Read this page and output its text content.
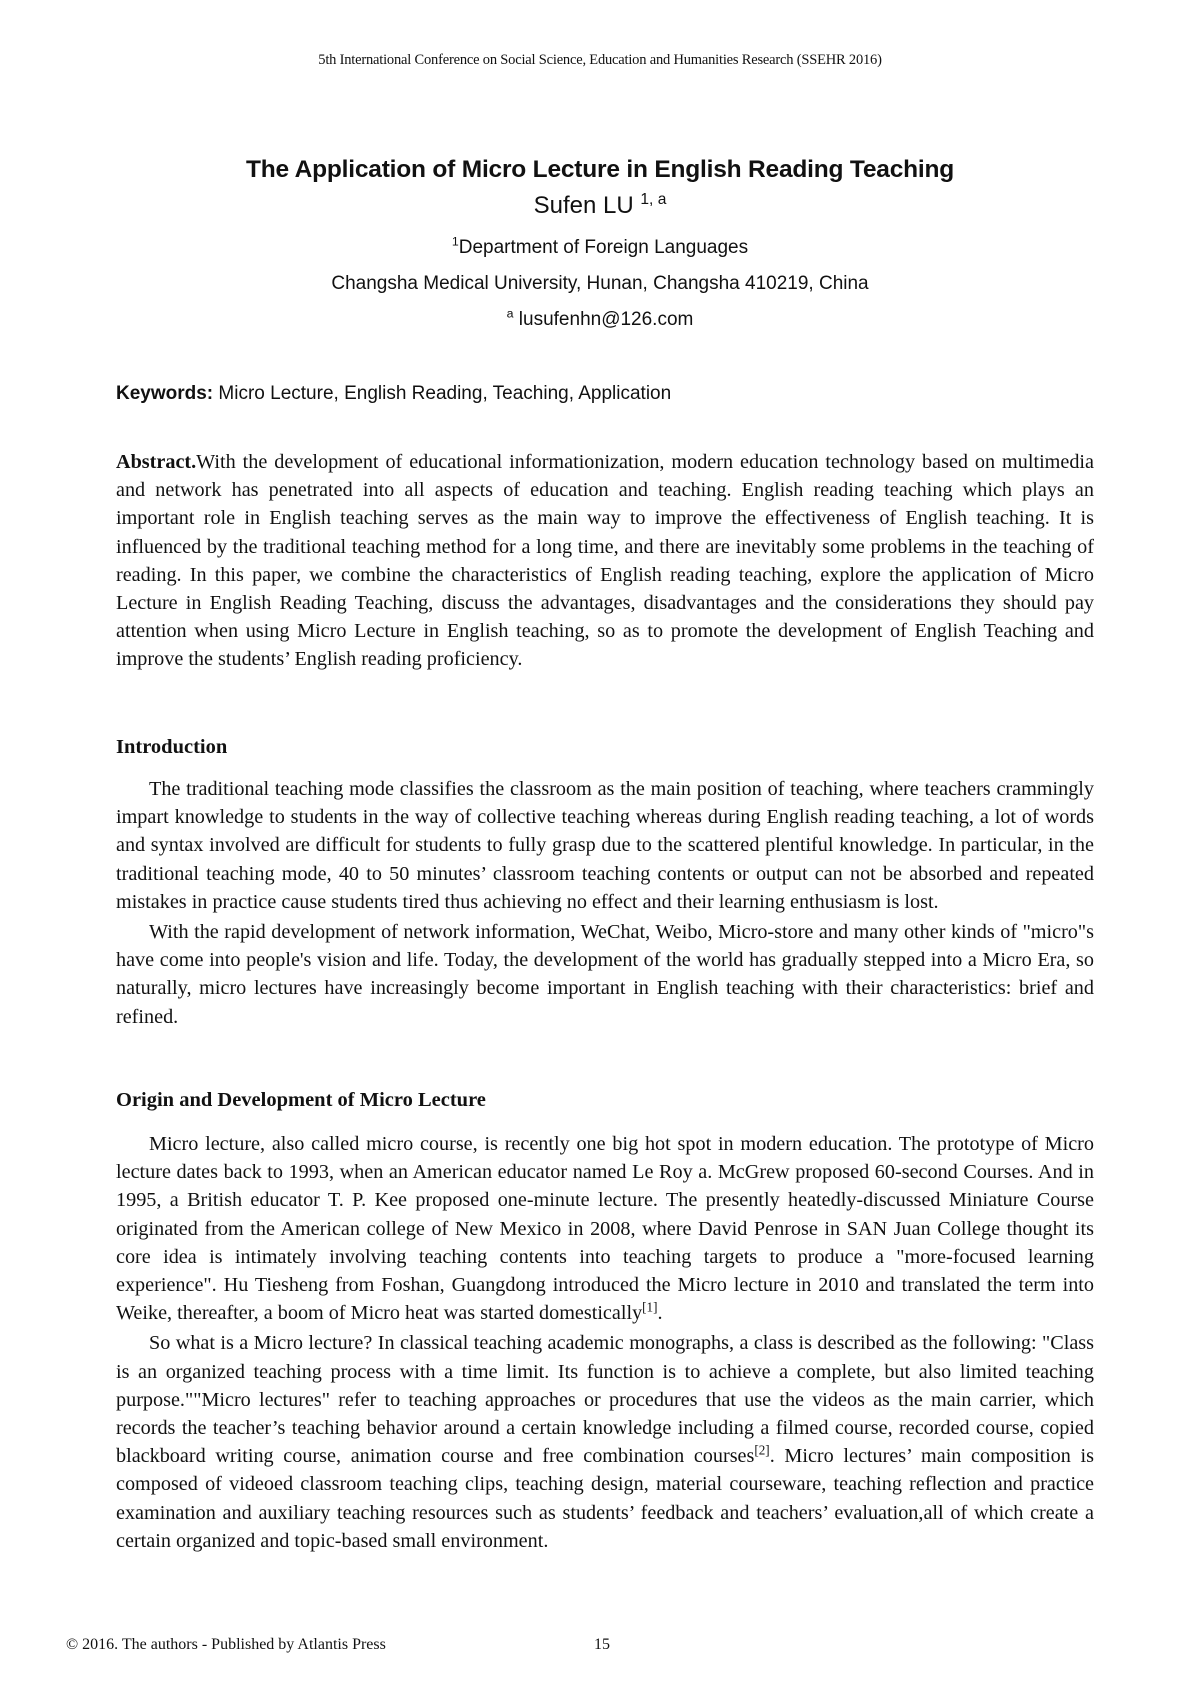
5th International Conference on Social Science, Education and Humanities Research (SSEHR 2016)
The Application of Micro Lecture in English Reading Teaching
Sufen LU $^{1, a}$
$^1$Department of Foreign Languages
Changsha Medical University, Hunan, Changsha 410219, China
$^a$ lusufenhn@126.com
Keywords: Micro Lecture, English Reading, Teaching, Application
Abstract.With the development of educational informationization, modern education technology based on multimedia and network has penetrated into all aspects of education and teaching. English reading teaching which plays an important role in English teaching serves as the main way to improve the effectiveness of English teaching. It is influenced by the traditional teaching method for a long time, and there are inevitably some problems in the teaching of reading. In this paper, we combine the characteristics of English reading teaching, explore the application of Micro Lecture in English Reading Teaching, discuss the advantages, disadvantages and the considerations they should pay attention when using Micro Lecture in English teaching, so as to promote the development of English Teaching and improve the students’ English reading proficiency.
Introduction

The traditional teaching mode classifies the classroom as the main position of teaching, where teachers crammingly impart knowledge to students in the way of collective teaching whereas during English reading teaching, a lot of words and syntax involved are difficult for students to fully grasp due to the scattered plentiful knowledge. In particular, in the traditional teaching mode, 40 to 50 minutes’ classroom teaching contents or output can not be absorbed and repeated mistakes in practice cause students tired thus achieving no effect and their learning enthusiasm is lost.

With the rapid development of network information, WeChat, Weibo, Micro-store and many other kinds of "micro"s have come into people's vision and life. Today, the development of the world has gradually stepped into a Micro Era, so naturally, micro lectures have increasingly become important in English teaching with their characteristics: brief and refined.

Origin and Development of Micro Lecture

Micro lecture, also called micro course, is recently one big hot spot in modern education. The prototype of Micro lecture dates back to 1993, when an American educator named Le Roy a. McGrew proposed 60-second Courses. And in 1995, a British educator T. P. Kee proposed one-minute lecture. The presently heatedly-discussed Miniature Course originated from the American college of New Mexico in 2008, where David Penrose in SAN Juan College thought its core idea is intimately involving teaching contents into teaching targets to produce a "more-focused learning experience". Hu Tiesheng from Foshan, Guangdong introduced the Micro lecture in 2010 and translated the term into Weike, thereafter, a boom of Micro heat was started domestically[1].

So what is a Micro lecture? In classical teaching academic monographs, a class is described as the following: "Class is an organized teaching process with a time limit. Its function is to achieve a complete, but also limited teaching purpose.""Micro lectures" refer to teaching approaches or procedures that use the videos as the main carrier, which records the teacher’s teaching behavior around a certain knowledge including a filmed course, recorded course, copied blackboard writing course, animation course and free combination courses[2]. Micro lectures’ main composition is composed of videoed classroom teaching clips, teaching design, material courseware, teaching reflection and practice examination and auxiliary teaching resources such as students’ feedback and teachers’ evaluation,all of which create a certain organized and topic-based small environment.

© 2016. The authors - Published by Atlantis Press	15
